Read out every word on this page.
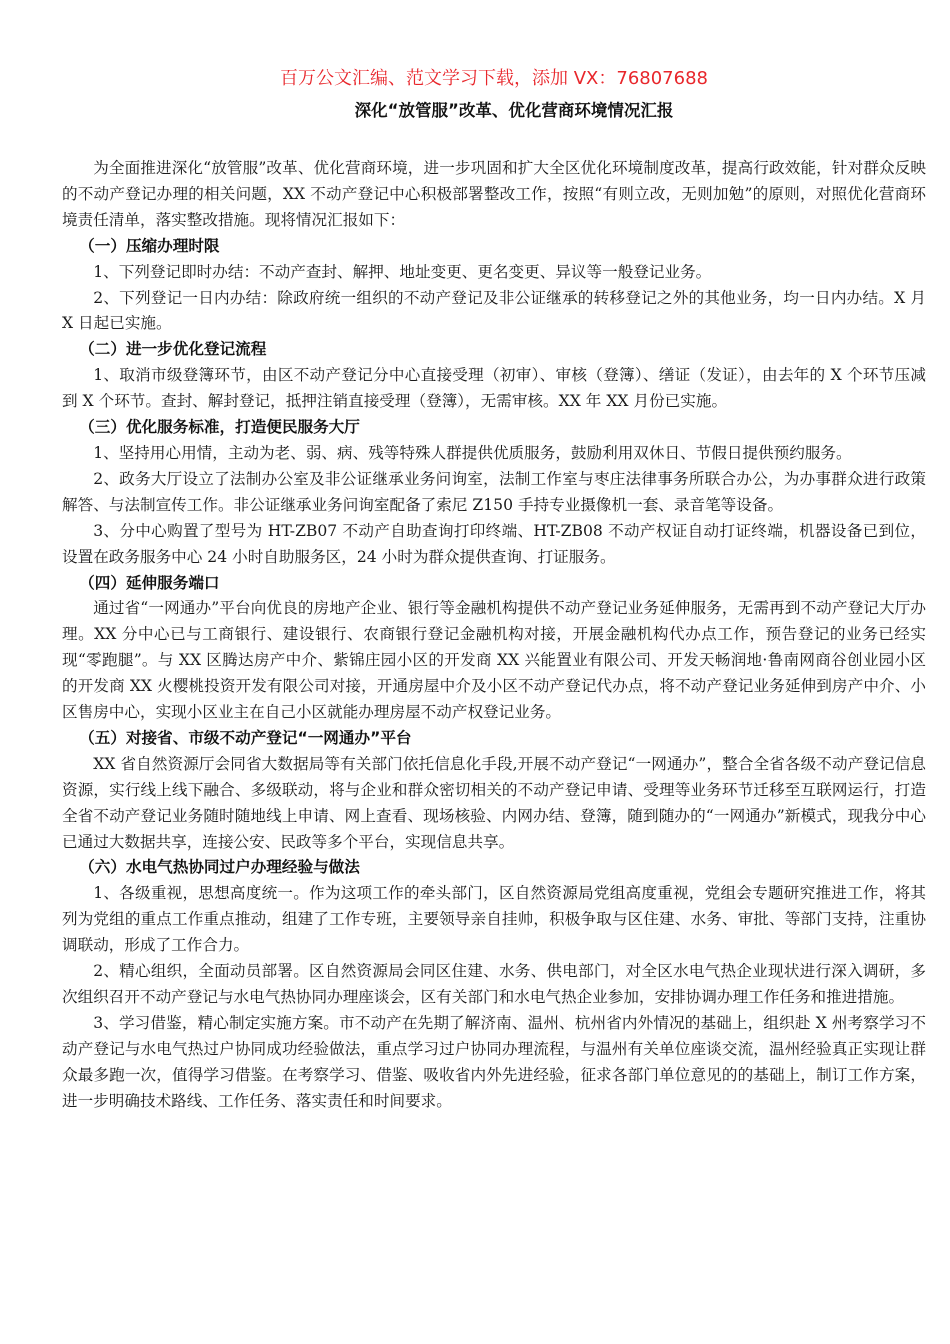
百万公文汇编、范文学习下载，添加 VX：76807688
深化“放管服”改革、优化营商环境情况汇报

为全面推进深化“放管服”改革、优化营商环境，进一步巩固和扩大全区优化环境制度改革，提高行政效能，针对群众反映的不动产登记办理的相关问题，XX 不动产登记中心积极部署整改工作，按照“有则立改，无则加勉”的原则，对照优化营商环境责任清单，落实整改措施。现将情况汇报如下：

（一）压缩办理时限

1、下列登记即时办结：不动产查封、解押、地址变更、更名变更、异议等一般登记业务。

2、下列登记一日内办结：除政府统一组织的不动产登记及非公证继承的转移登记之外的其他业务，均一日内办结。X 月 X 日起已实施。

（二）进一步优化登记流程

1、取消市级登簿环节，由区不动产登记分中心直接受理（初审）、审核（登簿）、缮证（发证），由去年的 X 个环节压减到 X 个环节。查封、解封登记，抵押注销直接受理（登簿），无需审核。XX 年 XX 月份已实施。

（三）优化服务标准，打造便民服务大厅

1、坚持用心用情，主动为老、弱、病、残等特殊人群提供优质服务，鼓励利用双休日、节假日提供预约服务。

2、政务大厅设立了法制办公室及非公证继承业务问询室，法制工作室与枣庄法律事务所联合办公，为办事群众进行政策解答、与法制宣传工作。非公证继承业务问询室配备了索尼 Z150 手持专业摄像机一套、录音笔等设备。

3、分中心购置了型号为 HT-ZB07 不动产自助查询打印终端、HT-ZB08 不动产权证自动打证终端，机器设备已到位，设置在政务服务中心 24 小时自助服务区，24 小时为群众提供查询、打证服务。

（四）延伸服务端口

通过省“一网通办”平台向优良的房地产企业、银行等金融机构提供不动产登记业务延伸服务，无需再到不动产登记大厅办理。XX 分中心已与工商银行、建设银行、农商银行登记金融机构对接，开展金融机构代办点工作，预告登记的业务已经实现“零跑腿”。与 XX 区腾达房产中介、紫锦庄园小区的开发商 XX 兴能置业有限公司、开发天畅润地·鲁南网商谷创业园小区的开发商 XX 火樱桃投资开发有限公司对接，开通房屋中介及小区不动产登记代办点，将不动产登记业务延伸到房产中介、小区售房中心，实现小区业主在自己小区就能办理房屋不动产权登记业务。

（五）对接省、市级不动产登记“一网通办”平台

XX 省自然资源厅会同省大数据局等有关部门依托信息化手段,开展不动产登记“一网通办”，整合全省各级不动产登记信息资源，实行线上线下融合、多级联动，将与企业和群众密切相关的不动产登记申请、受理等业务环节迁移至互联网运行，打造全省不动产登记业务随时随地线上申请、网上查看、现场核验、内网办结、登簿，随到随办的“一网通办”新模式，现我分中心已通过大数据共享，连接公安、民政等多个平台，实现信息共享。

（六）水电气热协同过户办理经验与做法

1、各级重视，思想高度统一。作为这项工作的牵头部门，区自然资源局党组高度重视，党组会专题研究推进工作，将其列为党组的重点工作重点推动，组建了工作专班，主要领导亲自挂帅，积极争取与区住建、水务、审批、等部门支持，注重协调联动，形成了工作合力。

2、精心组织，全面动员部署。区自然资源局会同区住建、水务、供电部门，对全区水电气热企业现状进行深入调研，多次组织召开不动产登记与水电气热协同办理座谈会，区有关部门和水电气热企业参加，安排协调办理工作任务和推进措施。

3、学习借鉴，精心制定实施方案。市不动产在先期了解济南、温州、杭州省内外情况的基础上，组织赴 X 州考察学习不动产登记与水电气热过户协同成功经验做法，重点学习过户协同办理流程，与温州有关单位座谈交流，温州经验真正实现让群众最多跑一次，值得学习借鉴。在考察学习、借鉴、吸收省内外先进经验，征求各部门单位意见的的基础上，制订工作方案，进一步明确技术路线、工作任务、落实责任和时间要求。
